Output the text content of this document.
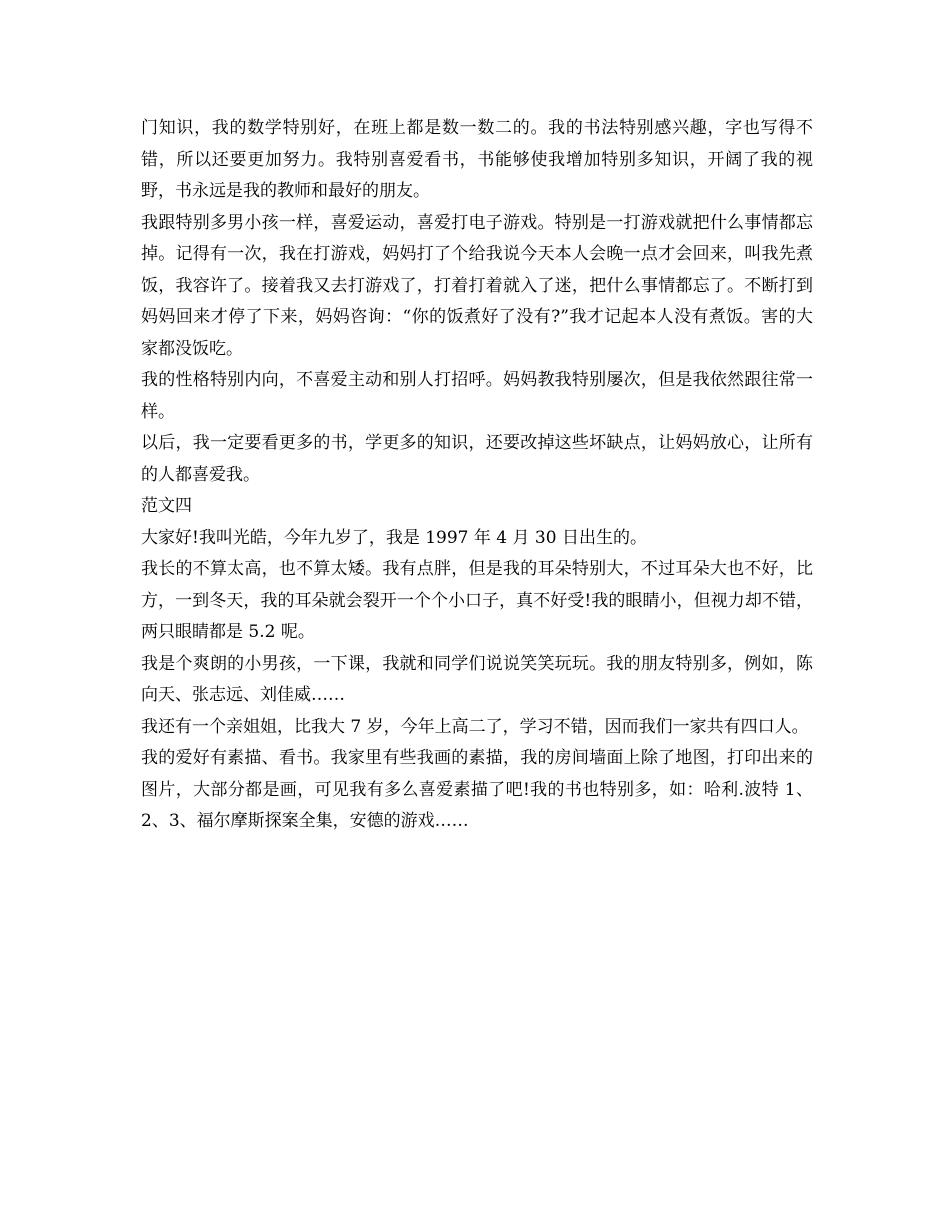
门知识，我的数学特别好，在班上都是数一数二的。我的书法特别感兴趣，字也写得不错，所以还要更加努力。我特别喜爱看书，书能够使我增加特别多知识，开阔了我的视野，书永远是我的教师和最好的朋友。

我跟特别多男小孩一样，喜爱运动，喜爱打电子游戏。特别是一打游戏就把什么事情都忘掉。记得有一次，我在打游戏，妈妈打了个给我说今天本人会晚一点才会回来，叫我先煮饭，我容许了。接着我又去打游戏了，打着打着就入了迷，把什么事情都忘了。不断打到妈妈回来才停了下来，妈妈咨询：“你的饭煮好了没有?”我才记起本人没有煮饭。害的大家都没饭吃。

我的性格特别内向，不喜爱主动和别人打招呼。妈妈教我特别屡次，但是我依然跟往常一样。

以后，我一定要看更多的书，学更多的知识，还要改掉这些坏缺点，让妈妈放心，让所有的人都喜爱我。

范文四

大家好!我叫光皓，今年九岁了，我是 1997 年 4 月 30 日出生的。

我长的不算太高，也不算太矮。我有点胖，但是我的耳朵特别大，不过耳朵大也不好，比方，一到冬天，我的耳朵就会裂开一个个小口子，真不好受!我的眼睛小，但视力却不错，两只眼睛都是 5.2 呢。

我是个爽朗的小男孩，一下课，我就和同学们说说笑笑玩玩。我的朋友特别多，例如，陈向天、张志远、刘佳威……

我还有一个亲姐姐，比我大 7 岁，今年上高二了，学习不错，因而我们一家共有四口人。

我的爱好有素描、看书。我家里有些我画的素描，我的房间墙面上除了地图，打印出来的图片，大部分都是画，可见我有多么喜爱素描了吧!我的书也特别多，如：哈利.波特 1、2、3、福尔摩斯探案全集，安德的游戏……
